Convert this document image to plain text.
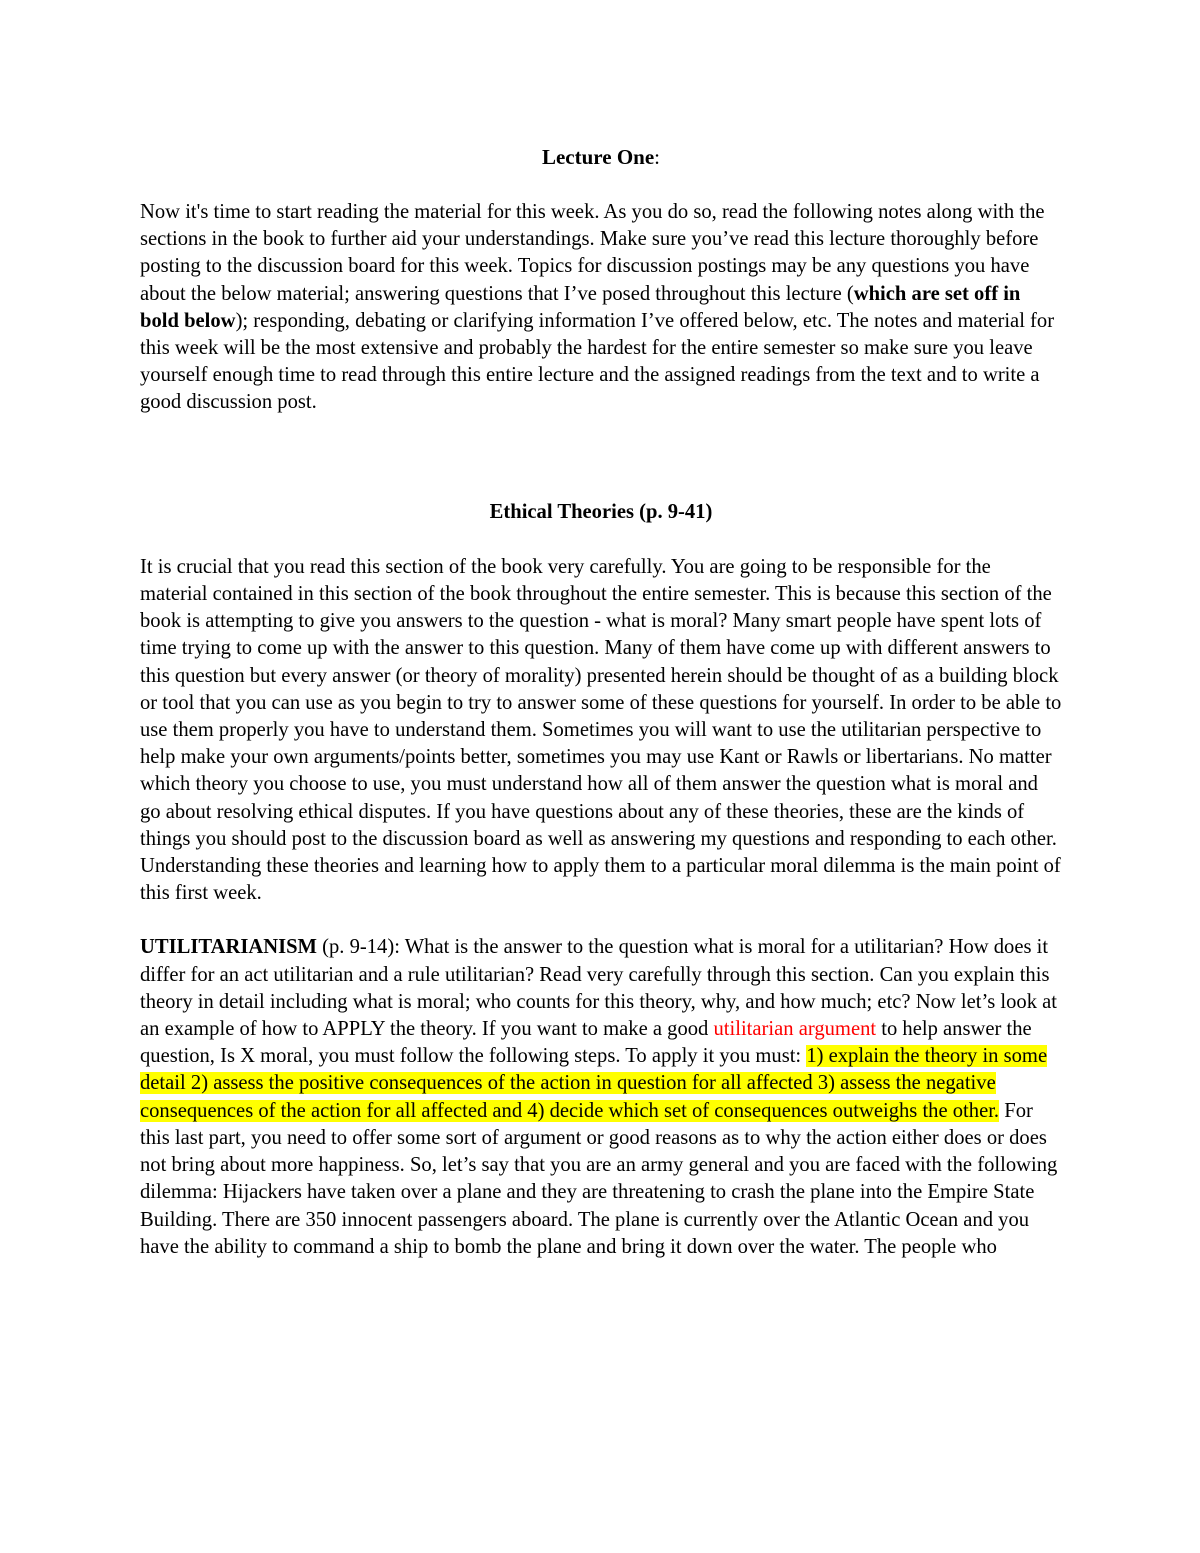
Lecture One:

Now it's time to start reading the material for this week. As you do so, read the following notes along with the sections in the book to further aid your understandings. Make sure you’ve read this lecture thoroughly before posting to the discussion board for this week. Topics for discussion postings may be any questions you have about the below material; answering questions that I’ve posed throughout this lecture (which are set off in bold below); responding, debating or clarifying information I’ve offered below, etc. The notes and material for this week will be the most extensive and probably the hardest for the entire semester so make sure you leave yourself enough time to read through this entire lecture and the assigned readings from the text and to write a good discussion post.

Ethical Theories (p. 9-41)

It is crucial that you read this section of the book very carefully. You are going to be responsible for the material contained in this section of the book throughout the entire semester. This is because this section of the book is attempting to give you answers to the question - what is moral? Many smart people have spent lots of time trying to come up with the answer to this question. Many of them have come up with different answers to this question but every answer (or theory of morality) presented herein should be thought of as a building block or tool that you can use as you begin to try to answer some of these questions for yourself. In order to be able to use them properly you have to understand them. Sometimes you will want to use the utilitarian perspective to help make your own arguments/points better, sometimes you may use Kant or Rawls or libertarians. No matter which theory you choose to use, you must understand how all of them answer the question what is moral and go about resolving ethical disputes. If you have questions about any of these theories, these are the kinds of things you should post to the discussion board as well as answering my questions and responding to each other. Understanding these theories and learning how to apply them to a particular moral dilemma is the main point of this first week.

UTILITARIANISM (p. 9-14): What is the answer to the question what is moral for a utilitarian? How does it differ for an act utilitarian and a rule utilitarian? Read very carefully through this section. Can you explain this theory in detail including what is moral; who counts for this theory, why, and how much; etc? Now let’s look at an example of how to APPLY the theory. If you want to make a good utilitarian argument to help answer the question, Is X moral, you must follow the following steps. To apply it you must: 1) explain the theory in some detail 2) assess the positive consequences of the action in question for all affected 3) assess the negative consequences of the action for all affected and 4) decide which set of consequences outweighs the other. For this last part, you need to offer some sort of argument or good reasons as to why the action either does or does not bring about more happiness. So, let’s say that you are an army general and you are faced with the following dilemma: Hijackers have taken over a plane and they are threatening to crash the plane into the Empire State Building. There are 350 innocent passengers aboard. The plane is currently over the Atlantic Ocean and you have the ability to command a ship to bomb the plane and bring it down over the water. The people who
